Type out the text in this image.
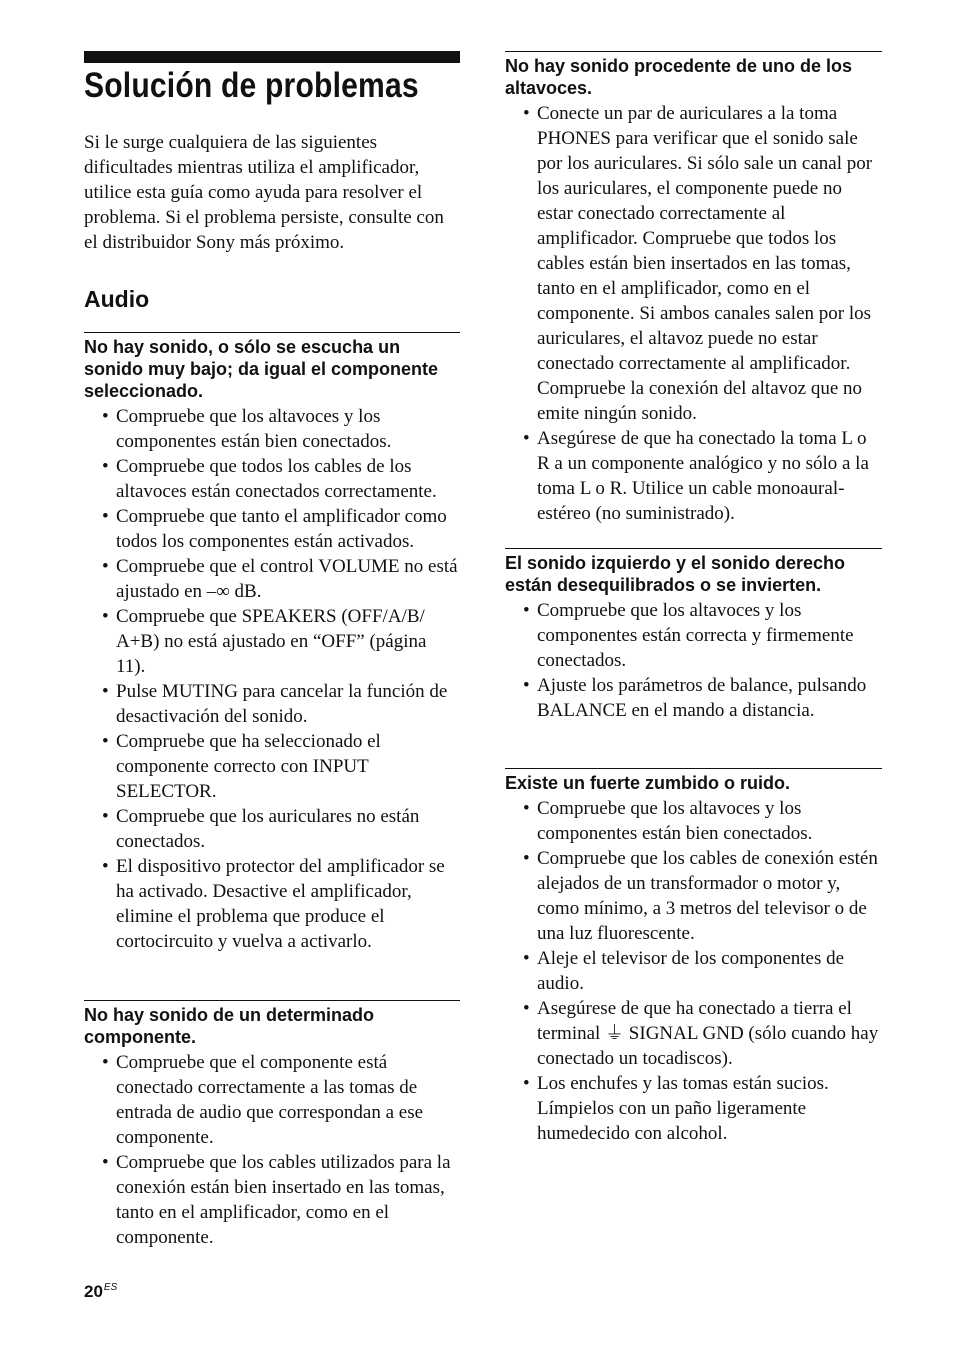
Solución de problemas

Si le surge cualquiera de las siguientes dificultades mientras utiliza el amplificador, utilice esta guía como ayuda para resolver el problema. Si el problema persiste, consulte con el distribuidor Sony más próximo.

Audio
No hay sonido, o sólo se escucha un sonido muy bajo; da igual el componente seleccionado.
• Compruebe que los altavoces y los componentes están bien conectados.
• Compruebe que todos los cables de los altavoces están conectados correctamente.
• Compruebe que tanto el amplificador como todos los componentes están activados.
• Compruebe que el control VOLUME no está ajustado en –∞ dB.
• Compruebe que SPEAKERS (OFF/A/B/ A+B) no está ajustado en “OFF” (página 11).
• Pulse MUTING para cancelar la función de desactivación del sonido.
• Compruebe que ha seleccionado el componente correcto con INPUT SELECTOR.
• Compruebe que los auriculares no están conectados.
• El dispositivo protector del amplificador se ha activado. Desactive el amplificador, elimine el problema que produce el cortocircuito y vuelva a activarlo.
No hay sonido de un determinado componente.
• Compruebe que el componente está conectado correctamente a las tomas de entrada de audio que correspondan a ese componente.
• Compruebe que los cables utilizados para la conexión están bien insertado en las tomas, tanto en el amplificador, como en el componente.
$20^{ES}$
No hay sonido procedente de uno de los altavoces.
• Conecte un par de auriculares a la toma PHONES para verificar que el sonido sale por los auriculares. Si sólo sale un canal por los auriculares, el componente puede no estar conectado correctamente al amplificador. Compruebe que todos los cables están bien insertados en las tomas, tanto en el amplificador, como en el componente. Si ambos canales salen por los auriculares, el altavoz puede no estar conectado correctamente al amplificador. Compruebe la conexión del altavoz que no emite ningún sonido.
• Asegúrese de que ha conectado la toma L o R a un componente analógico y no sólo a la toma L o R. Utilice un cable monoaural-estéreo (no suministrado).
El sonido izquierdo y el sonido derecho están desequilibrados o se invierten.
• Compruebe que los altavoces y los componentes están correcta y firmemente conectados.
• Ajuste los parámetros de balance, pulsando BALANCE en el mando a distancia.
Existe un fuerte zumbido o ruido.
• Compruebe que los altavoces y los componentes están bien conectados.
• Compruebe que los cables de conexión estén alejados de un transformador o motor y, como mínimo, a 3 metros del televisor o de una luz fluorescente.
• Aleje el televisor de los componentes de audio.
• Asegúrese de que ha conectado a tierra el terminal ⏚ SIGNAL GND (sólo cuando hay conectado un tocadiscos).
• Los enchufes y las tomas están sucios. Límpielos con un paño ligeramente humedecido con alcohol.
